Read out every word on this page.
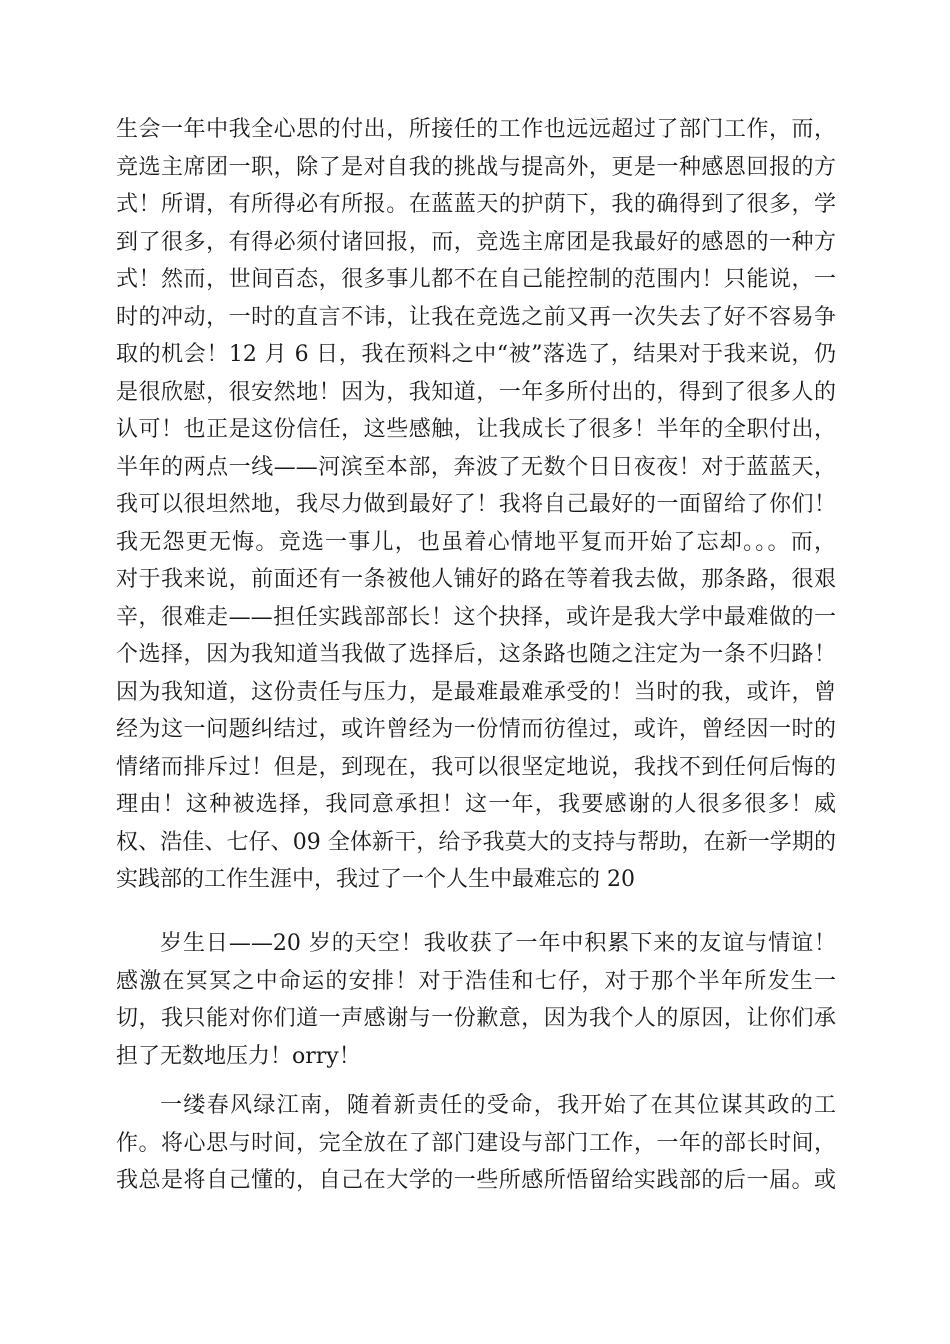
生会一年中我全心思的付出，所接任的工作也远远超过了部门工作，而，
竞选主席团一职，除了是对自我的挑战与提高外，更是一种感恩回报的方
式！所谓，有所得必有所报。在蓝蓝天的护荫下，我的确得到了很多，学
到了很多，有得必须付诸回报，而，竞选主席团是我最好的感恩的一种方
式！然而，世间百态，很多事儿都不在自己能控制的范围内！只能说，一
时的冲动，一时的直言不讳，让我在竞选之前又再一次失去了好不容易争
取的机会！12 月 6 日，我在预料之中“被”落选了，结果对于我来说，仍
是很欣慰，很安然地！因为，我知道，一年多所付出的，得到了很多人的
认可！也正是这份信任，这些感触，让我成长了很多！半年的全职付出，
半年的两点一线——河滨至本部，奔波了无数个日日夜夜！对于蓝蓝天，
我可以很坦然地，我尽力做到最好了！我将自己最好的一面留给了你们！
我无怨更无悔。竞选一事儿，也虽着心情地平复而开始了忘却。。。而，
对于我来说，前面还有一条被他人铺好的路在等着我去做，那条路，很艰
辛，很难走——担任实践部部长！这个抉择，或许是我大学中最难做的一
个选择，因为我知道当我做了选择后，这条路也随之注定为一条不归路！
因为我知道，这份责任与压力，是最难最难承受的！当时的我，或许，曾
经为这一问题纠结过，或许曾经为一份情而彷徨过，或许，曾经因一时的
情绪而排斥过！但是，到现在，我可以很坚定地说，我找不到任何后悔的
理由！这种被选择，我同意承担！这一年，我要感谢的人很多很多！威
权、浩佳、七仔、09 全体新干，给予我莫大的支持与帮助，在新一学期的
实践部的工作生涯中，我过了一个人生中最难忘的 20
岁生日——20 岁的天空！我收获了一年中积累下来的友谊与情谊！
感激在冥冥之中命运的安排！对于浩佳和七仔，对于那个半年所发生一
切，我只能对你们道一声感谢与一份歉意，因为我个人的原因，让你们承
担了无数地压力！orry！
一缕春风绿江南，随着新责任的受命，我开始了在其位谋其政的工
作。将心思与时间，完全放在了部门建设与部门工作，一年的部长时间，
我总是将自己懂的，自己在大学的一些所感所悟留给实践部的后一届。或
